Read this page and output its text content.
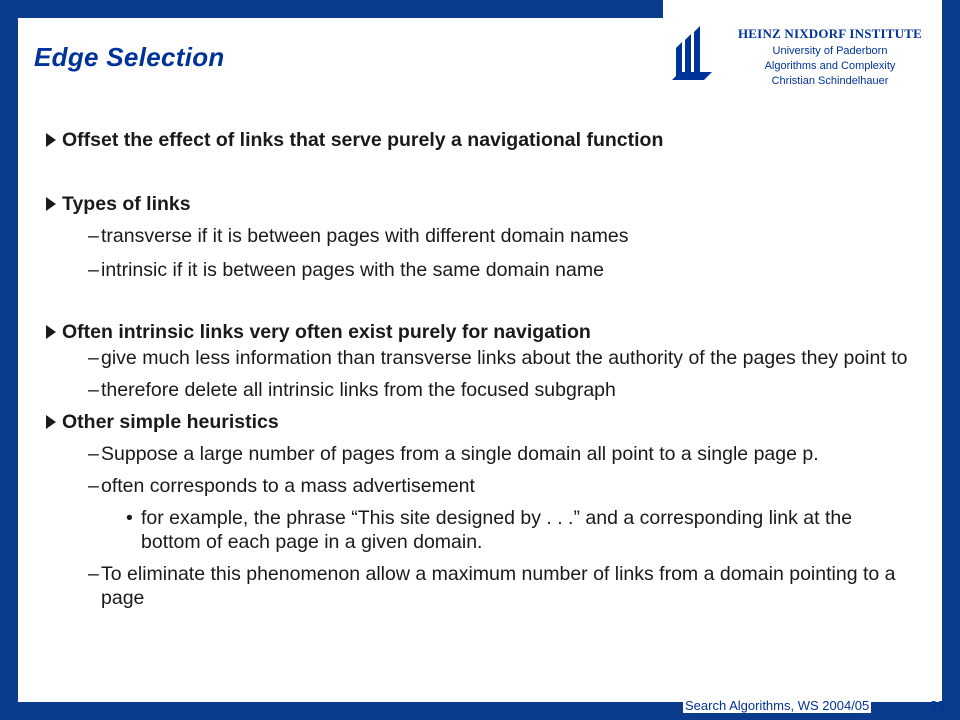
Edge Selection
HEINZ NIXDORF INSTITUTE
University of Paderborn
Algorithms and Complexity
Christian Schindelhauer
Offset the effect of links that serve purely a navigational function
Types of links
– transverse if it is between pages with different domain names
– intrinsic if it is between pages with the same domain name
Often intrinsic links very often exist purely for navigation
– give much less information than transverse links about the authority of the pages they point to
– therefore delete all intrinsic links from the focused subgraph
Other simple heuristics
– Suppose a large number of pages from a single domain all point to a single page p.
– often corresponds to a mass advertisement
• for example, the phrase “This site designed by . . .” and a corresponding link at the bottom of each page in a given domain.
– To eliminate this phenomenon allow a maximum number of links from a domain pointing to a page
Search Algorithms, WS 2004/05	23
